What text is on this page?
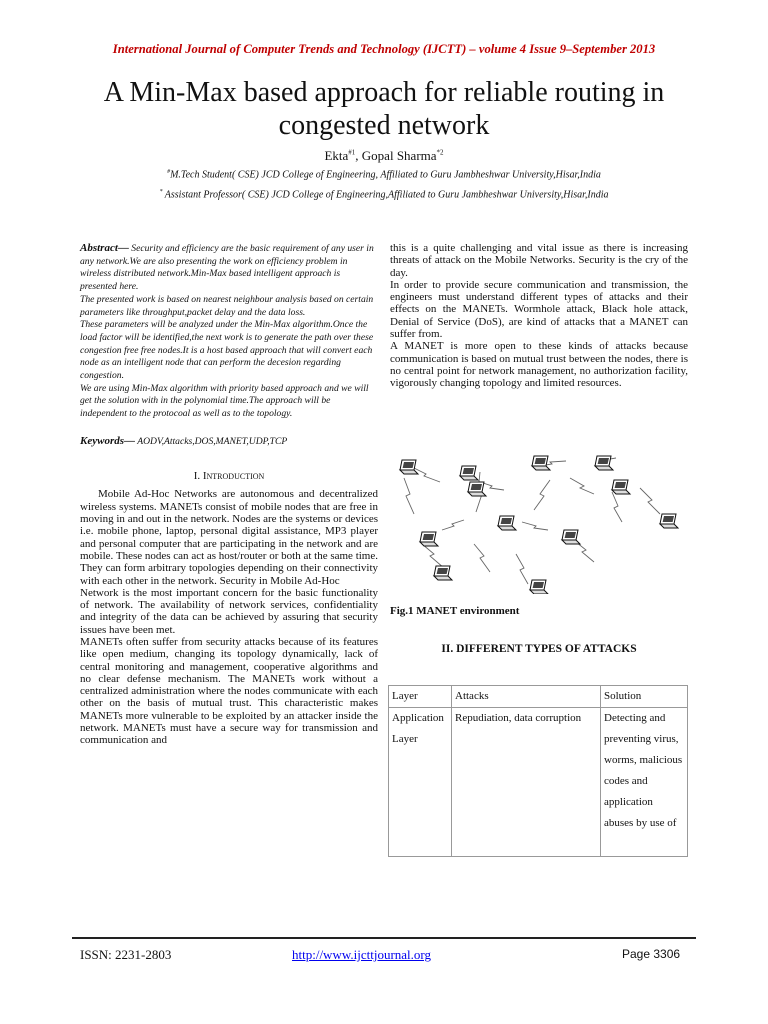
International Journal of Computer Trends and Technology (IJCTT) – volume 4 Issue 9–September 2013
A Min-Max based approach for reliable routing in
congested network
Ekta$^{\#1}$, Gopal Sharma$^{*2}$
#M.Tech Student( CSE) JCD College of Engineering, Affiliated to Guru Jambheshwar University,Hisar,India
* Assistant Professor( CSE) JCD College of Engineering,Affiliated to Guru Jambheshwar University,Hisar,India

Abstract— Security and efficiency are the basic requirement of any user in any network.We are also presenting the work on efficiency problem in wireless distributed network.Min-Max based intelligent approach is presented here.

The presented work is based on nearest neighbour analysis based on certain parameters like throughput,packet delay and the data loss.

These parameters will be analyzed under the Min-Max algorithm.Once the load factor will be identified,the next work is to generate the path over these congestion free free nodes.It is a host based approach that will convert each node as an intelligent node that can perform the decesion regarding congestion.

We are using Min-Max algorithm with priority based approach and we will get the solution with in the polynomial time.The approach will be independent to the protocoal as well as to the topology.

Keywords— AODV,Attacks,DOS,MANET,UDP,TCP

I. Introduction

Mobile Ad-Hoc Networks are autonomous and decentralized wireless systems. MANETs consist of mobile nodes that are free in moving in and out in the network. Nodes are the systems or devices i.e. mobile phone, laptop, personal digital assistance, MP3 player and personal computer that are participating in the network and are mobile. These nodes can act as host/router or both at the same time. They can form arbitrary topologies depending on their connectivity with each other in the network. Security in Mobile Ad-Hoc

Network is the most important concern for the basic functionality of network. The availability of network services, confidentiality and integrity of the data can be achieved by assuring that security issues have been met.

MANETs often suffer from security attacks because of its features like open medium, changing its topology dynamically, lack of central monitoring and management, cooperative algorithms and no clear defense mechanism. The MANETs work without a centralized administration where the nodes communicate with each other on the basis of mutual trust. This characteristic makes MANETs more vulnerable to be exploited by an attacker inside the network. MANETs must have a secure way for transmission and communication and

this is a quite challenging and vital issue as there is increasing threats of attack on the Mobile Networks. Security is the cry of the day.

In order to provide secure communication and transmission, the engineers must understand different types of attacks and their effects on the MANETs. Wormhole attack, Black hole attack, Denial of Service (DoS), are kind of attacks that a MANET can suffer from.

A MANET is more open to these kinds of attacks because communication is based on mutual trust between the nodes, there is no central point for network management, no authorization facility, vigorously changing topology and limited resources.

Fig.1 MANET environment
II. DIFFERENT TYPES OF ATTACKS
Layer	Attacks	Solution
Application Layer	Repudiation, data corruption	Detecting and preventing virus, worms, malicious codes and application abuses by use of
ISSN: 2231-2803	http://www.ijcttjournal.org	Page 3306
